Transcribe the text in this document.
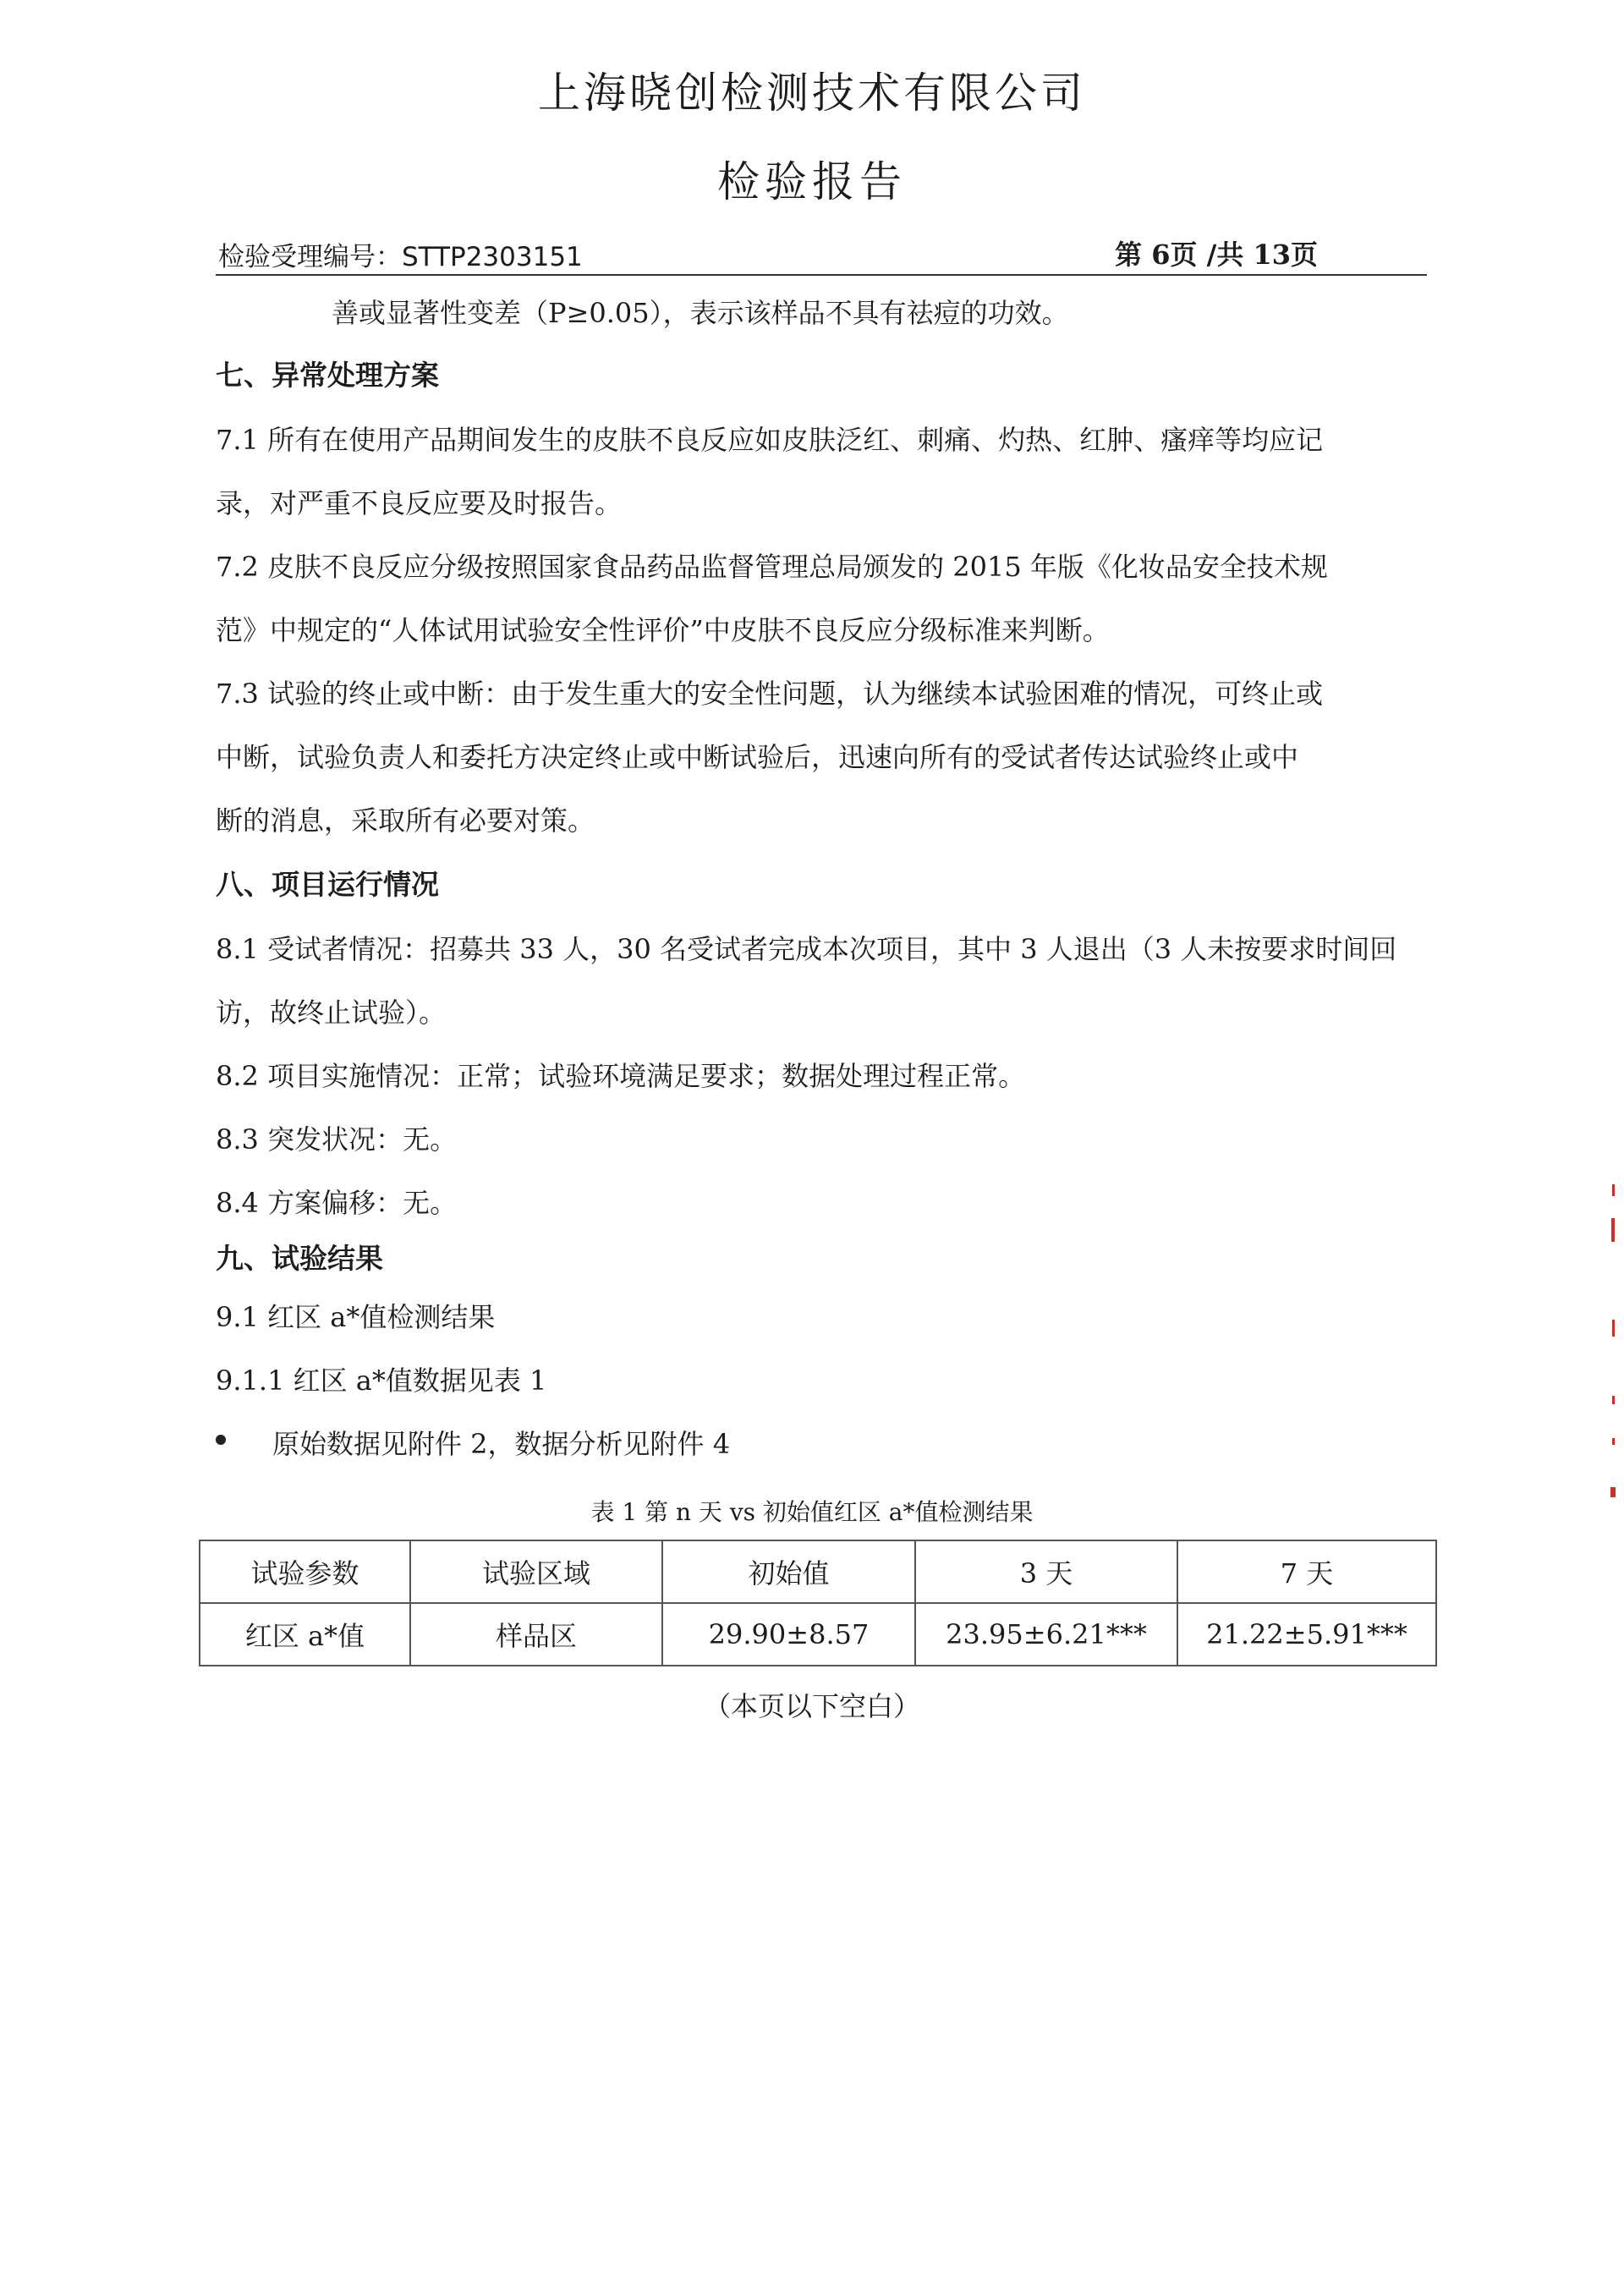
上海晓创检测技术有限公司
检验报告
检验受理编号：STTP2303151	第 6页 /共 13页
善或显著性变差（P≥0.05），表示该样品不具有祛痘的功效。
七、异常处理方案
7.1 所有在使用产品期间发生的皮肤不良反应如皮肤泛红、刺痛、灼热、红肿、瘙痒等均应记
录，对严重不良反应要及时报告。
7.2 皮肤不良反应分级按照国家食品药品监督管理总局颁发的 2015 年版《化妆品安全技术规
范》中规定的“人体试用试验安全性评价”中皮肤不良反应分级标准来判断。
7.3 试验的终止或中断：由于发生重大的安全性问题，认为继续本试验困难的情况，可终止或
中断，试验负责人和委托方决定终止或中断试验后，迅速向所有的受试者传达试验终止或中
断的消息，采取所有必要对策。
八、项目运行情况
8.1 受试者情况：招募共 33 人，30 名受试者完成本次项目，其中 3 人退出（3 人未按要求时间回
访，故终止试验）。
8.2 项目实施情况：正常；试验环境满足要求；数据处理过程正常。
8.3 突发状况：无。
8.4 方案偏移：无。
九、试验结果
9.1 红区 a*值检测结果
9.1.1 红区 a*值数据见表 1
原始数据见附件 2，数据分析见附件 4
表 1 第 n 天 vs 初始值红区 a*值检测结果
试验参数	试验区域	初始值	3 天	7 天
红区 a*值	样品区	29.90±8.57	23.95±6.21***	21.22±5.91***
（本页以下空白）
